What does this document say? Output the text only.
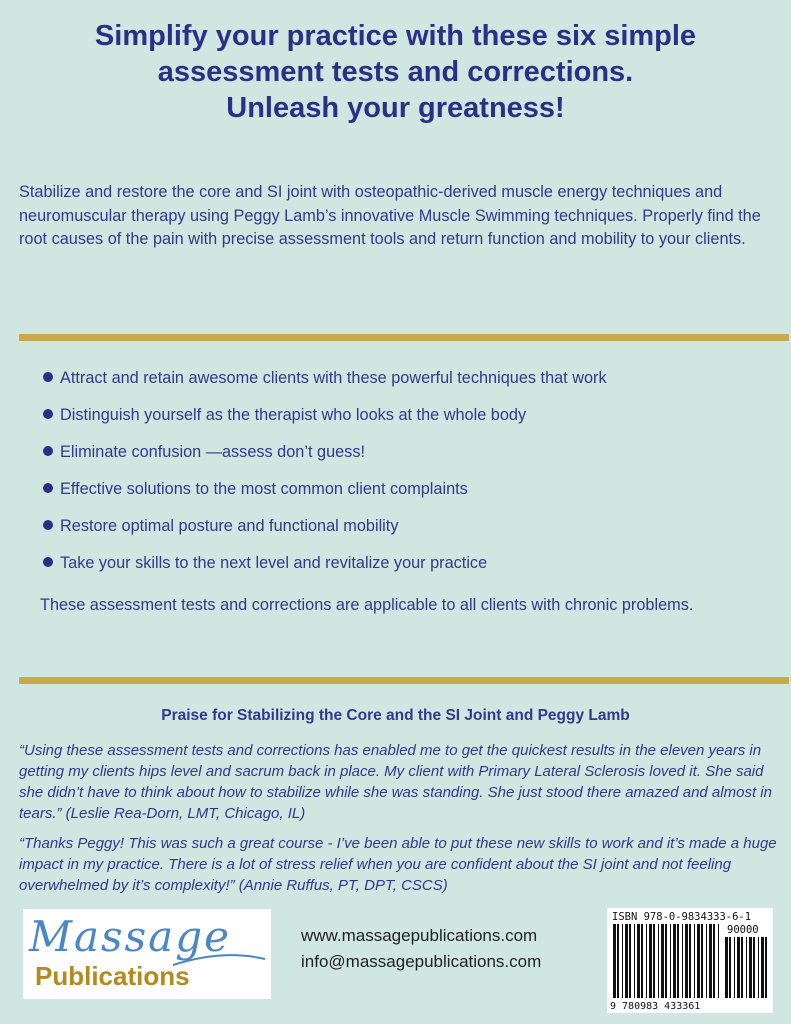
Simplify your practice with these six simple
assessment tests and corrections.
Unleash your greatness!
Stabilize and restore the core and SI joint with osteopathic-derived muscle energy techniques and neuromuscular therapy using Peggy Lamb’s innovative Muscle Swimming techniques. Properly find the root causes of the pain with precise assessment tools and return function and mobility to your clients.
Attract and retain awesome clients with these powerful techniques that work
Distinguish yourself as the therapist who looks at the whole body
Eliminate confusion —assess don’t guess!
Effective solutions to the most common client complaints
Restore optimal posture and functional mobility
Take your skills to the next level and revitalize your practice
These assessment tests and corrections are applicable to all clients with chronic problems.
Praise for Stabilizing the Core and the SI Joint and Peggy Lamb
“Using these assessment tests and corrections has enabled me to get the quickest results in the eleven years in getting my clients hips level and sacrum back in place. My client with Primary Lateral Sclerosis loved it. She said she didn’t have to think about how to stabilize while she was standing. She just stood there amazed and almost in tears.” (Leslie Rea-Dorn, LMT, Chicago, IL)
“Thanks Peggy! This was such a great course - I’ve been able to put these new skills to work and it’s made a huge impact in my practice. There is a lot of stress relief when you are confident about the SI joint and not feeling overwhelmed by it’s complexity!” (Annie Ruffus, PT, DPT, CSCS)
Massage
Publications
www.massagepublications.com
info@massagepublications.com
ISBN 978-0-9834333-6-1
90000
9 780983 433361
